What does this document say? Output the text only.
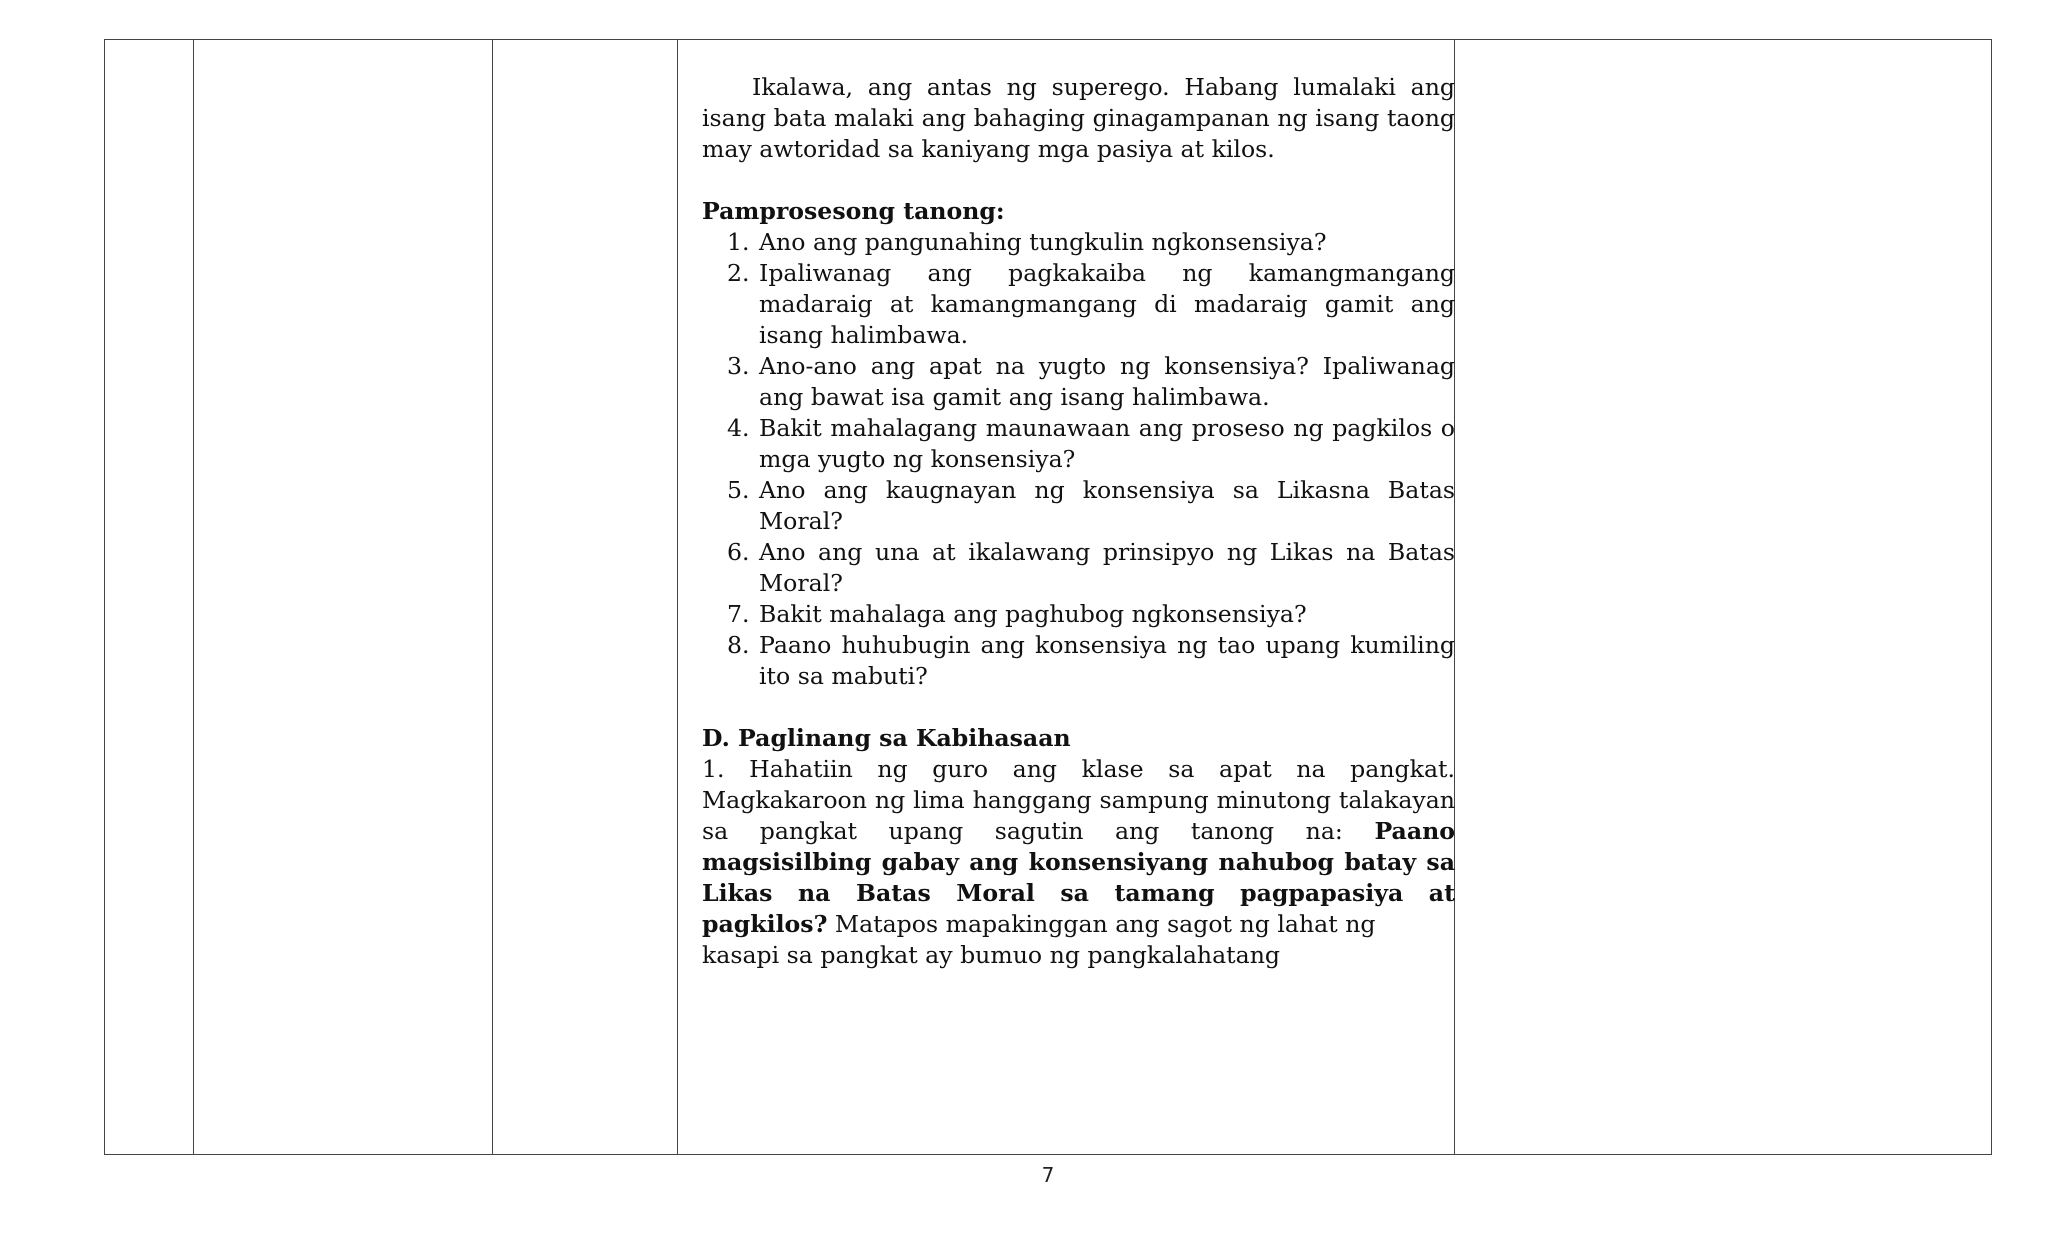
Ikalawa, ang antas ng superego. Habang lumalaki ang isang bata malaki ang bahaging ginagampanan ng isang taong may awtoridad sa kaniyang mga pasiya at kilos.

Pamprosesong tanong:

1. Ano ang pangunahing tungkulin ngkonsensiya?
2. Ipaliwanag ang pagkakaiba ng kamangmangang madaraig at kamangmangang di madaraig gamit ang isang halimbawa.
3. Ano-ano ang apat na yugto ng konsensiya? Ipaliwanag ang bawat isa gamit ang isang halimbawa.
4. Bakit mahalagang maunawaan ang proseso ng pagkilos o mga yugto ng konsensiya?
5. Ano ang kaugnayan ng konsensiya sa Likasna Batas Moral?
6. Ano ang una at ikalawang prinsipyo ng Likas na Batas Moral?
7. Bakit mahalaga ang paghubog ngkonsensiya?
8. Paano huhubugin ang konsensiya ng tao upang kumiling ito sa mabuti?

D. Paglinang sa Kabihasaan

1. Hahatiin ng guro ang klase sa apat na pangkat. Magkakaroon ng lima hanggang sampung minutong talakayan sa pangkat upang sagutin ang tanong na: Paano magsisilbing gabay ang konsensiyang nahubog batay sa Likas na Batas Moral sa tamang pagpapasiya at pagkilos? Matapos mapakinggan ang sagot ng lahat ng

kasapi sa pangkat ay bumuo ng pangkalahatang

7
